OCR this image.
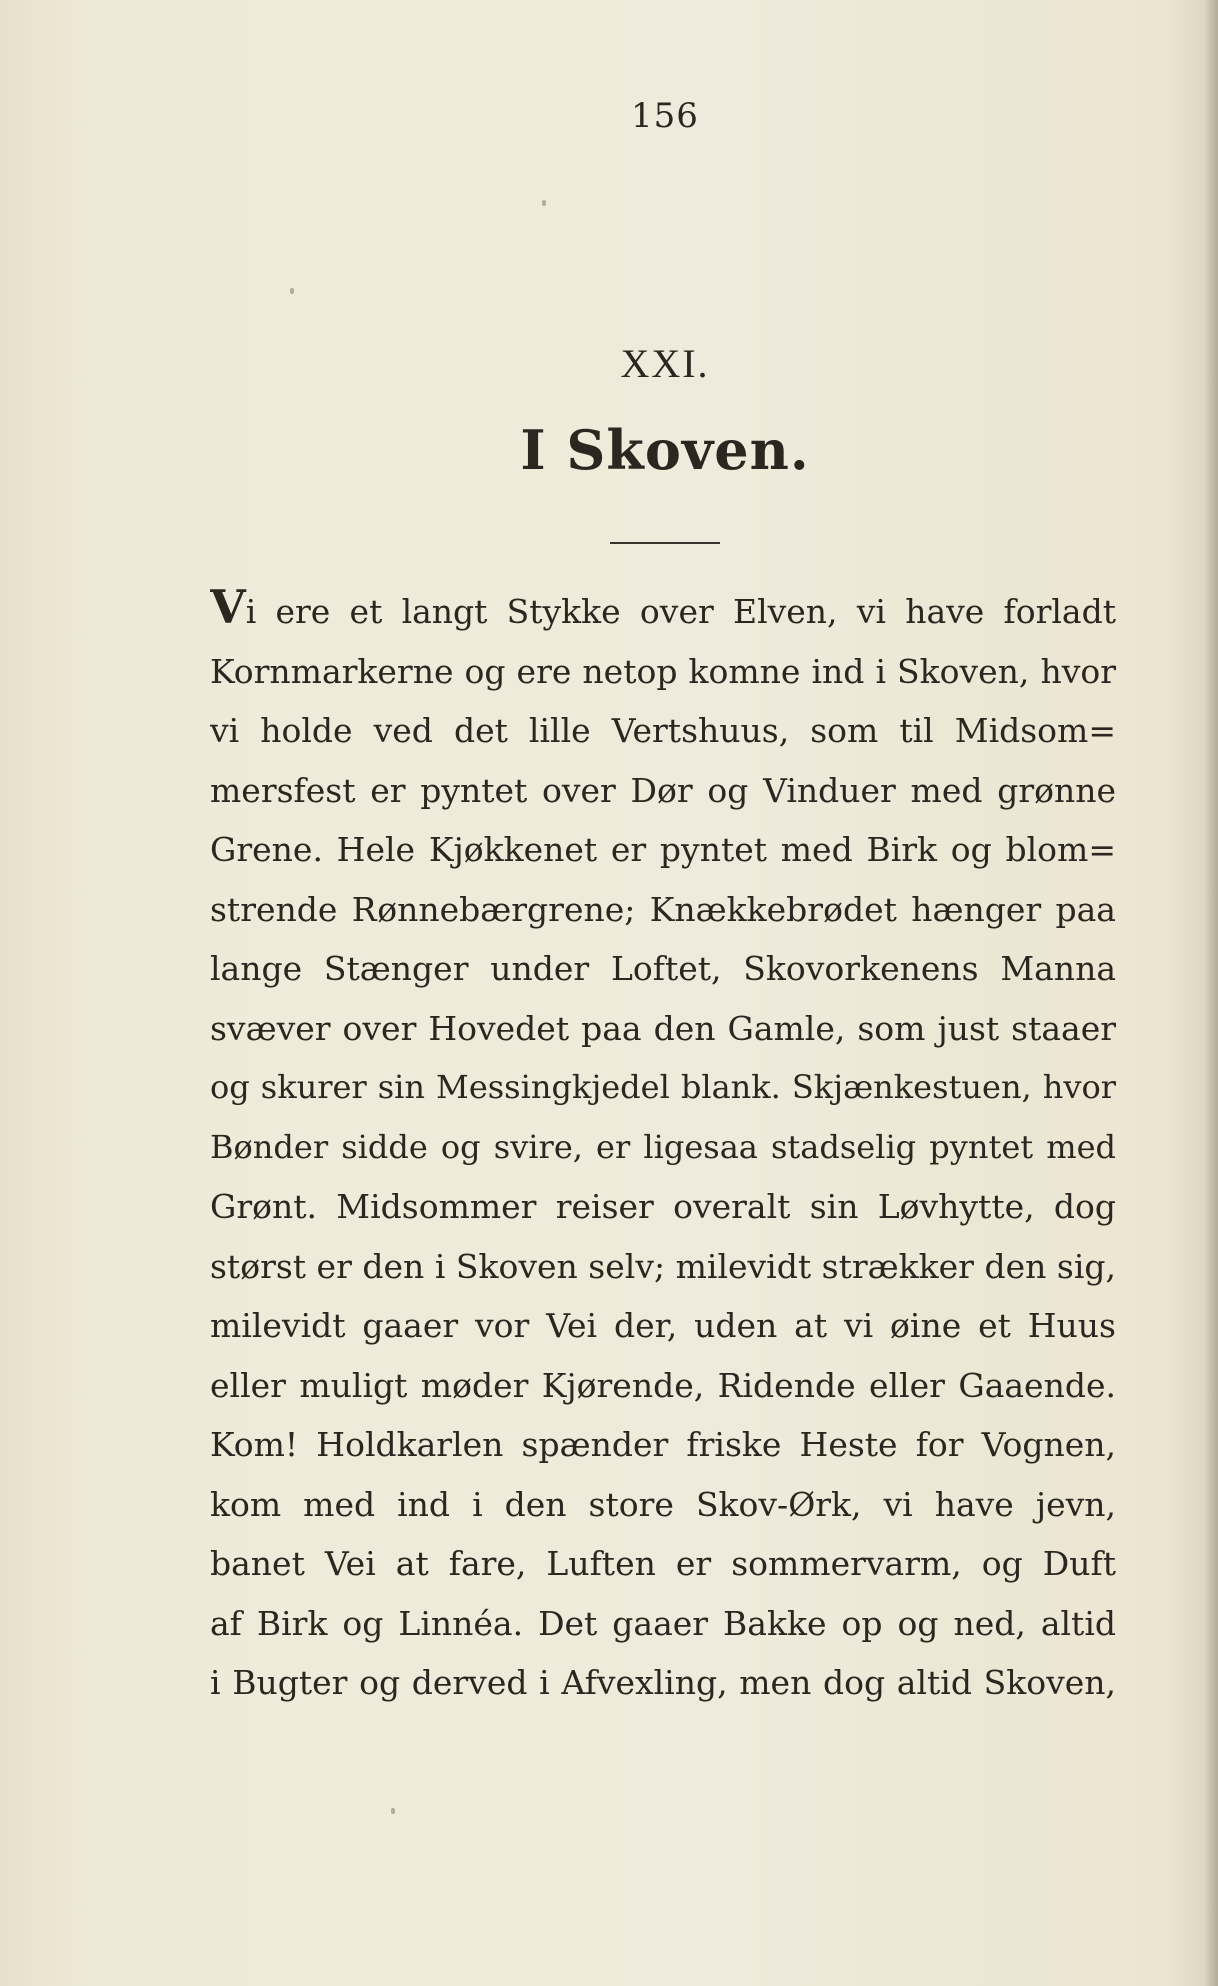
156
XXI.
I Skoven.
Vi ere et langt Stykke over Elven, vi have forladt
Kornmarkerne og ere netop komne ind i Skoven, hvor
vi holde ved det lille Vertshuus, som til Midsom=
mersfest er pyntet over Dør og Vinduer med grønne
Grene. Hele Kjøkkenet er pyntet med Birk og blom=
strende Rønnebærgrene; Knækkebrødet hænger paa
lange Stænger under Loftet, Skovorkenens Manna
svæver over Hovedet paa den Gamle, som just staaer
og skurer sin Messingkjedel blank. Skjænkestuen, hvor
Bønder sidde og svire, er ligesaa stadselig pyntet med
Grønt. Midsommer reiser overalt sin Løvhytte, dog
størst er den i Skoven selv; milevidt strækker den sig,
milevidt gaaer vor Vei der, uden at vi øine et Huus
eller muligt møder Kjørende, Ridende eller Gaaende.
Kom! Holdkarlen spænder friske Heste for Vognen,
kom med ind i den store Skov-Ørk, vi have jevn,
banet Vei at fare, Luften er sommervarm, og Duft
af Birk og Linnéa. Det gaaer Bakke op og ned, altid
i Bugter og derved i Afvexling, men dog altid Skoven,
